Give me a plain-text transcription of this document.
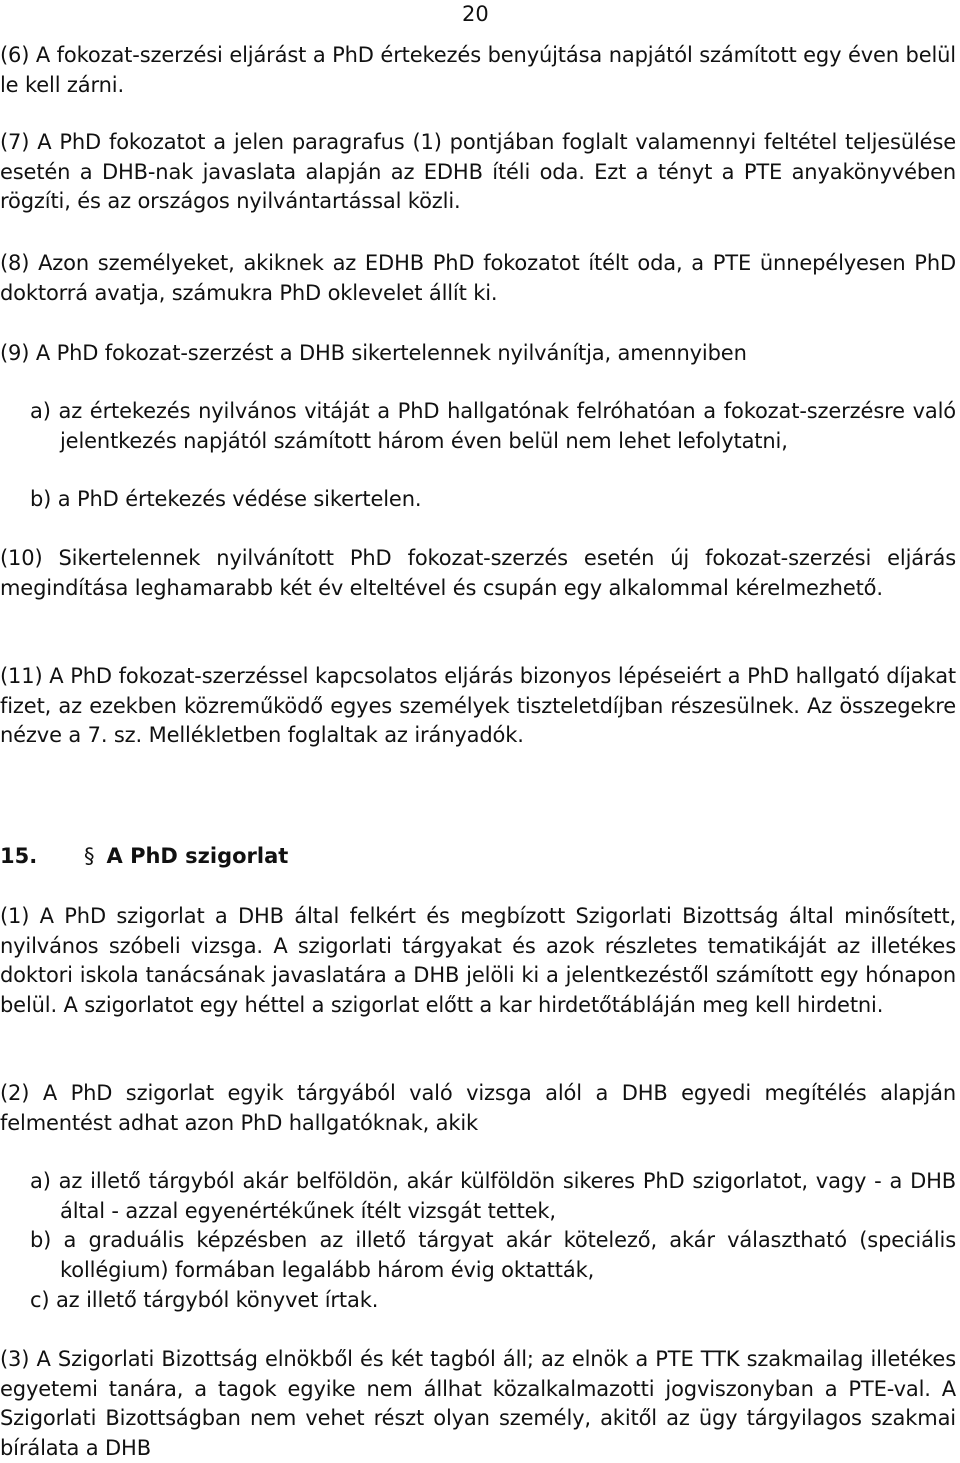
20

(6) A fokozat-szerzési eljárást a PhD értekezés benyújtása napjától számított egy éven belül le kell zárni.

(7) A PhD fokozatot a jelen paragrafus (1) pontjában foglalt valamennyi feltétel teljesülése esetén a DHB-nak javaslata alapján az EDHB ítéli oda. Ezt a tényt a PTE anyakönyvében rögzíti, és az országos nyilvántartással közli.

(8) Azon személyeket, akiknek az EDHB PhD fokozatot ítélt oda, a PTE ünnepélyesen PhD doktorrá avatja, számukra PhD oklevelet állít ki.

(9) A PhD fokozat-szerzést a DHB sikertelennek nyilvánítja, amennyiben

a) az értekezés nyilvános vitáját a PhD hallgatónak felróhatóan a fokozat-szerzésre való jelentkezés napjától számított három éven belül nem lehet lefolytatni,
b) a PhD értekezés védése sikertelen.

(10) Sikertelennek nyilvánított PhD fokozat-szerzés esetén új fokozat-szerzési eljárás megindítása leghamarabb két év elteltével és csupán egy alkalommal kérelmezhető.

(11) A PhD fokozat-szerzéssel kapcsolatos eljárás bizonyos lépéseiért a PhD hallgató díjakat fizet, az ezekben közreműködő egyes személyek tiszteletdíjban részesülnek. Az összegekre nézve a 7. sz. Mellékletben foglaltak az irányadók.

15. § A PhD szigorlat

(1) A PhD szigorlat a DHB által felkért és megbízott Szigorlati Bizottság által minősített, nyilvános szóbeli vizsga. A szigorlati tárgyakat és azok részletes tematikáját az illetékes doktori iskola tanácsának javaslatára a DHB jelöli ki a jelentkezéstől számított egy hónapon belül. A szigorlatot egy héttel a szigorlat előtt a kar hirdetőtábláján meg kell hirdetni.

(2) A PhD szigorlat egyik tárgyából való vizsga alól a DHB egyedi megítélés alapján felmentést adhat azon PhD hallgatóknak, akik

a) az illető tárgyból akár belföldön, akár külföldön sikeres PhD szigorlatot, vagy - a DHB által - azzal egyenértékűnek ítélt vizsgát tettek,
b) a graduális képzésben az illető tárgyat akár kötelező, akár választható (speciális kollégium) formában legalább három évig oktatták,
c) az illető tárgyból könyvet írtak.

(3) A Szigorlati Bizottság elnökből és két tagból áll; az elnök a PTE TTK szakmailag illetékes egyetemi tanára, a tagok egyike nem állhat közalkalmazotti jogviszonyban a PTE-val. A Szigorlati Bizottságban nem vehet részt olyan személy, akitől az ügy tárgyilagos szakmai bírálata a DHB
